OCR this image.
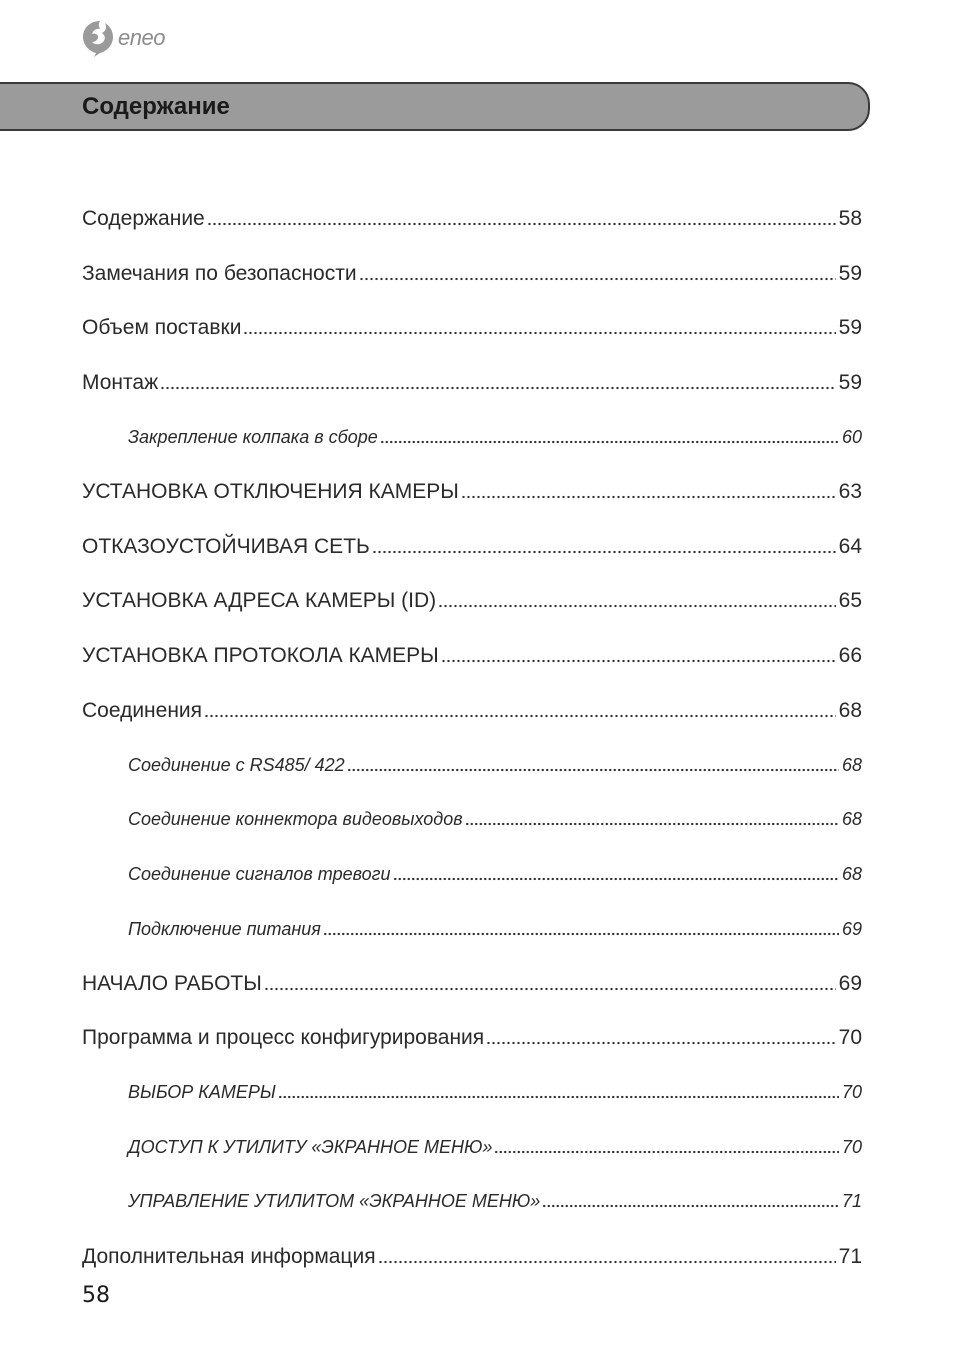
eneo
Содержание
Содержание	58
Замечания по безопасности	59
Объем поставки	59
Монтаж	59
Закрепление колпака в сборе	60
УСТАНОВКА ОТКЛЮЧЕНИЯ КАМЕРЫ	63
ОТКАЗОУСТОЙЧИВАЯ СЕТЬ	64
УСТАНОВКА АДРЕСА КАМЕРЫ (ID)	65
УСТАНОВКА ПРОТОКОЛА КАМЕРЫ	66
Соединения	68
Соединение с RS485/ 422	68
Соединение коннектора видеовыходов	68
Соединение сигналов тревоги	68
Подключение питания	69
НАЧАЛО РАБОТЫ	69
Программа и процесс конфигурирования	70
ВЫБОР КАМЕРЫ	70
ДОСТУП К УТИЛИТУ «ЭКРАННОЕ МЕНЮ»	70
УПРАВЛЕНИЕ УТИЛИТОМ «ЭКРАННОЕ МЕНЮ»	71
Дополнительная информация	71
58
